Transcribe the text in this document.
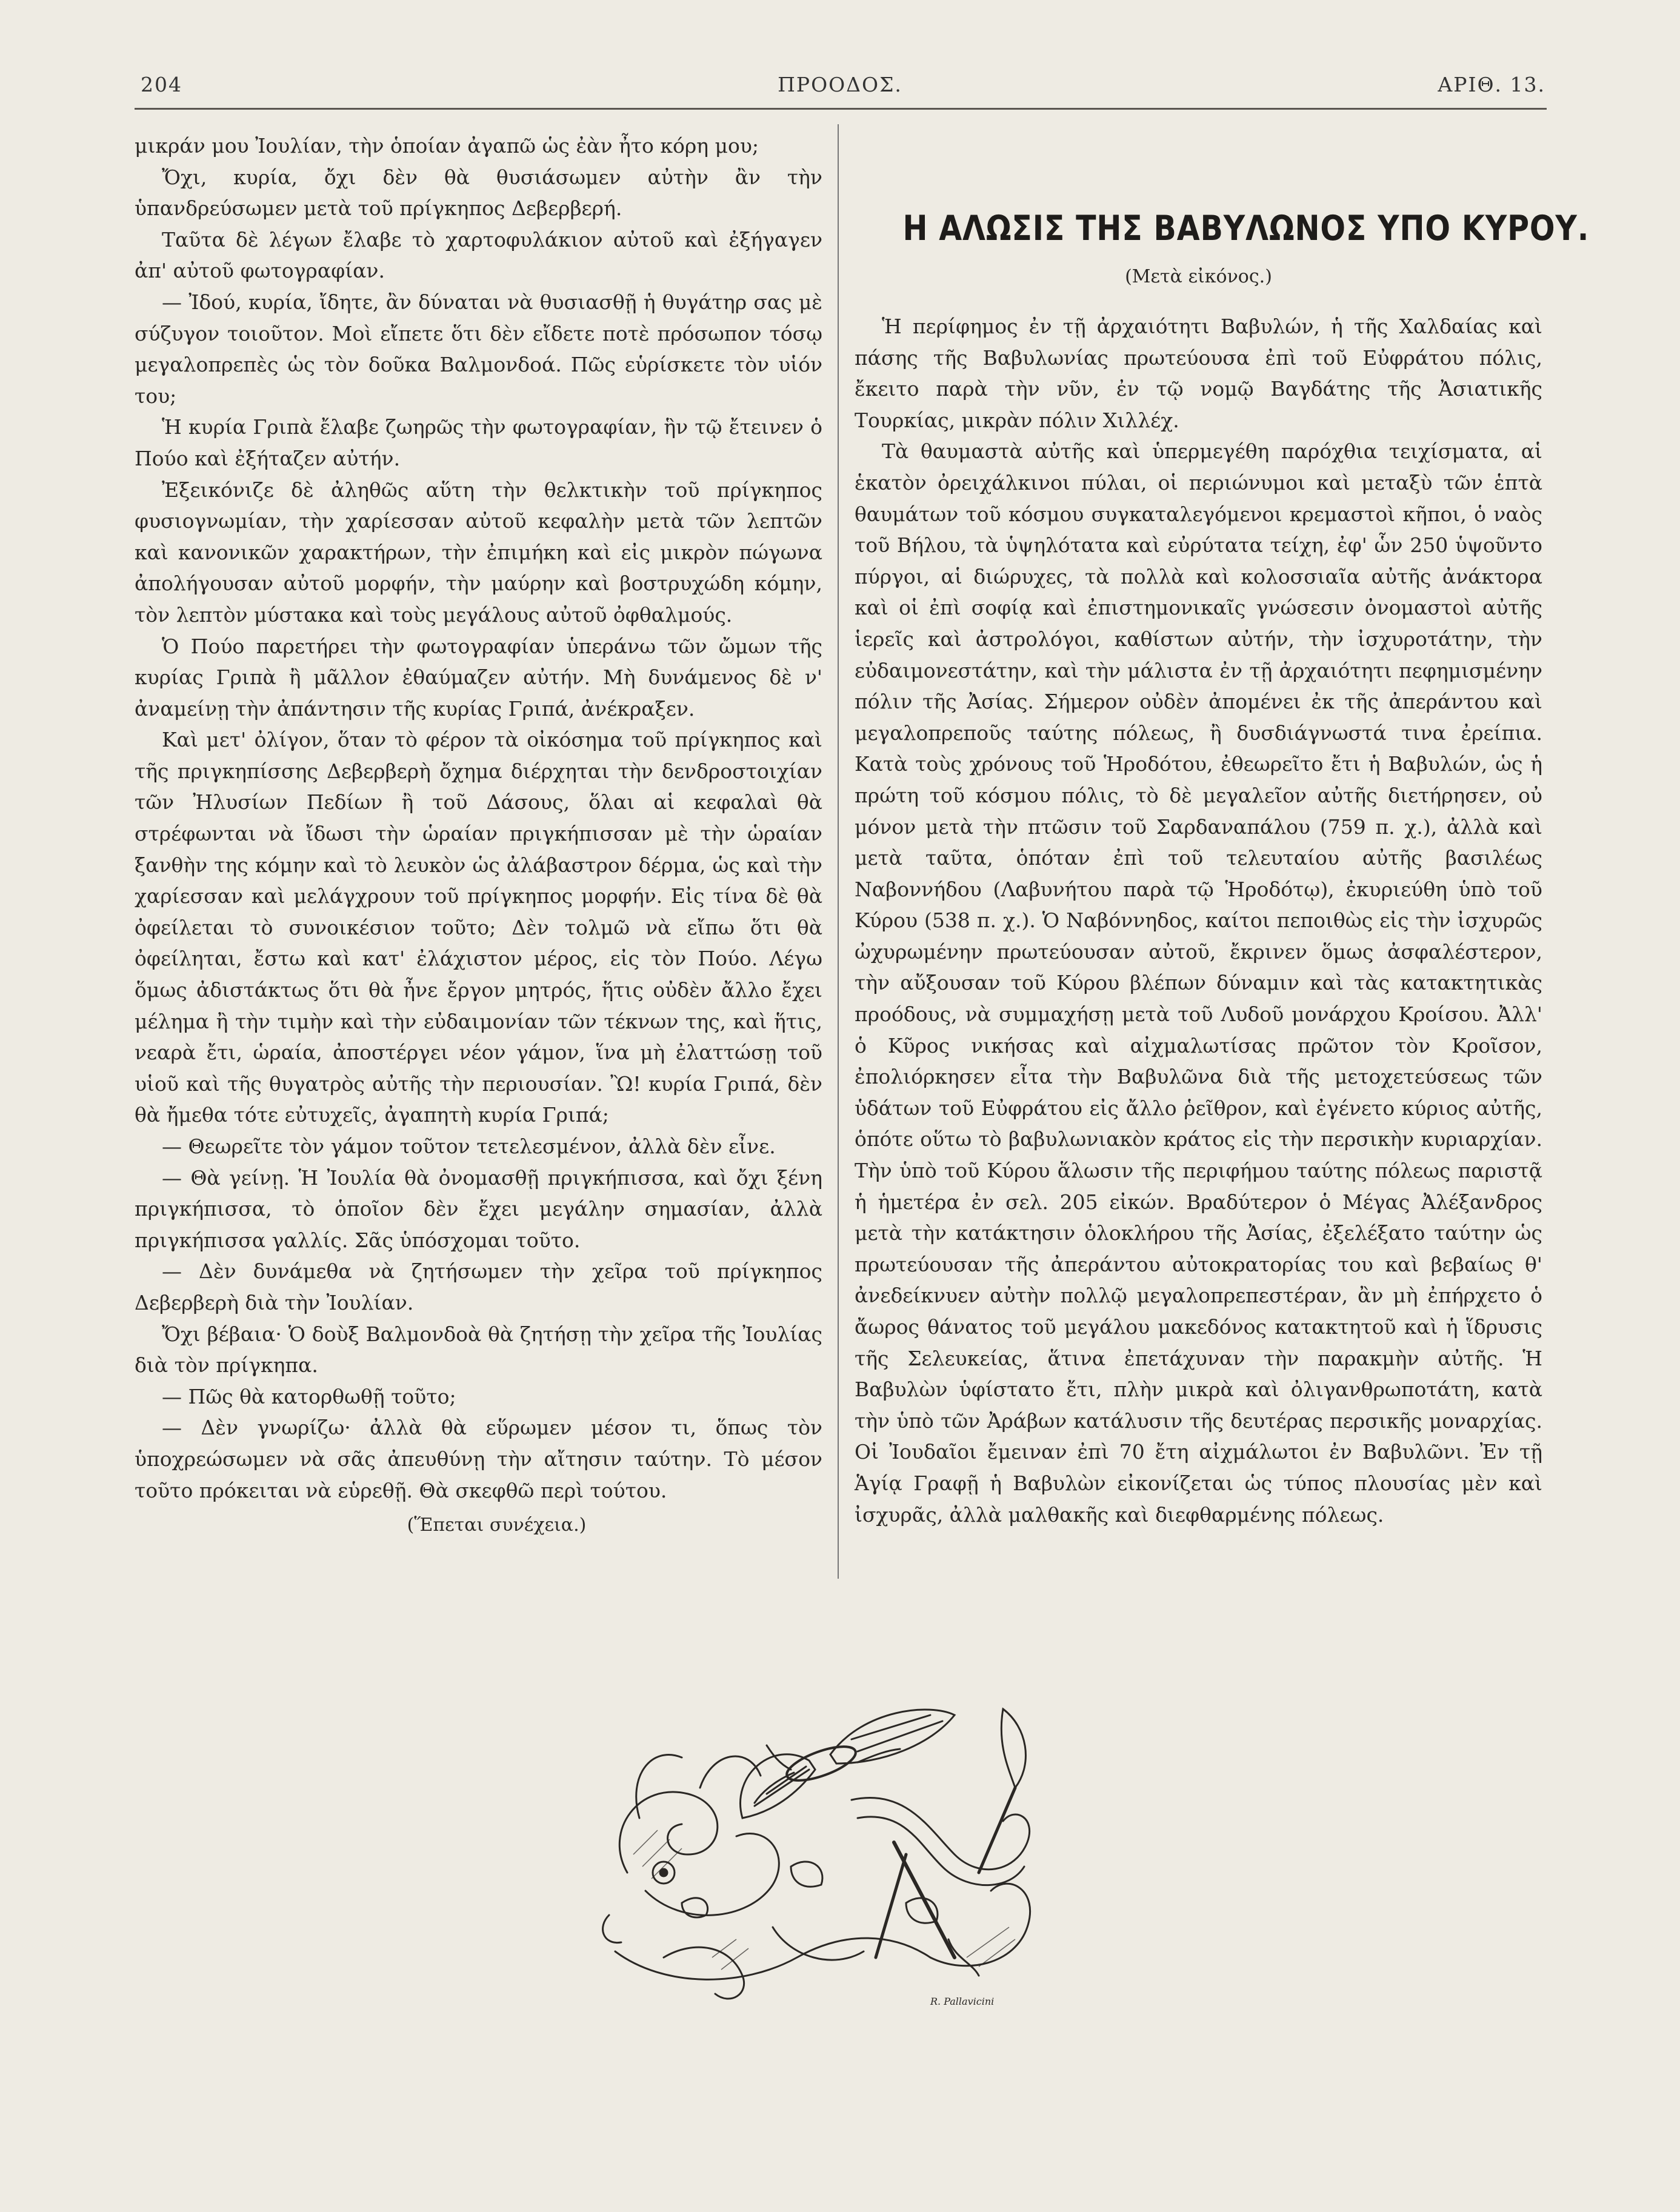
204	ΠΡΟΟΔΟΣ.	ΑΡΙΘ. 13.

μικράν μου Ἰουλίαν, τὴν ὁποίαν ἀγαπῶ ὡς ἐὰν ἦτο κόρη μου;

Ὄχι, κυρία, ὄχι δὲν θὰ θυσιάσωμεν αὐτὴν ἂν τὴν ὑπανδρεύσωμεν μετὰ τοῦ πρίγκηπος Δεβερβερή.

Ταῦτα δὲ λέγων ἔλαβε τὸ χαρτοφυλάκιον αὐτοῦ καὶ ἐξήγαγεν ἀπ' αὐτοῦ φωτογραφίαν.

— Ἰδού, κυρία, ἴδητε, ἂν δύναται νὰ θυσιασθῇ ἡ θυγάτηρ σας μὲ σύζυγον τοιοῦτον. Μοὶ εἴπετε ὅτι δὲν εἴδετε ποτὲ πρόσωπον τόσῳ μεγαλοπρεπὲς ὡς τὸν δοῦκα Βαλμονδοά. Πῶς εὑρίσκετε τὸν υἱόν του;

Ἡ κυρία Γριπὰ ἔλαβε ζωηρῶς τὴν φωτογραφίαν, ἣν τῷ ἔτεινεν ὁ Πούο καὶ ἐξήταζεν αὐτήν.

Ἐξεικόνιζε δὲ ἀληθῶς αὕτη τὴν θελκτικὴν τοῦ πρίγκηπος φυσιογνωμίαν, τὴν χαρίεσσαν αὐτοῦ κεφαλὴν μετὰ τῶν λεπτῶν καὶ κανονικῶν χαρακτήρων, τὴν ἐπιμήκη καὶ εἰς μικρὸν πώγωνα ἀπολήγουσαν αὐτοῦ μορφήν, τὴν μαύρην καὶ βοστρυχώδη κόμην, τὸν λεπτὸν μύστακα καὶ τοὺς μεγάλους αὐτοῦ ὀφθαλμούς.

Ὁ Πούο παρετήρει τὴν φωτογραφίαν ὑπεράνω τῶν ὤμων τῆς κυρίας Γριπὰ ἢ μᾶλλον ἐθαύμαζεν αὐτήν. Μὴ δυνάμενος δὲ ν' ἀναμείνῃ τὴν ἀπάντησιν τῆς κυρίας Γριπά, ἀνέκραξεν.

Καὶ μετ' ὀλίγον, ὅταν τὸ φέρον τὰ οἰκόσημα τοῦ πρίγκηπος καὶ τῆς πριγκηπίσσης Δεβερβερὴ ὄχημα διέρχηται τὴν δενδροστοιχίαν τῶν Ἠλυσίων Πεδίων ἢ τοῦ Δάσους, ὅλαι αἱ κεφαλαὶ θὰ στρέφωνται νὰ ἴδωσι τὴν ὡραίαν πριγκήπισσαν μὲ τὴν ὡραίαν ξανθὴν της κόμην καὶ τὸ λευκὸν ὡς ἀλάβαστρον δέρμα, ὡς καὶ τὴν χαρίεσσαν καὶ μελάγχρουν τοῦ πρίγκηπος μορφήν. Εἰς τίνα δὲ θὰ ὀφείλεται τὸ συνοικέσιον τοῦτο; Δὲν τολμῶ νὰ εἴπω ὅτι θὰ ὀφείληται, ἔστω καὶ κατ' ἐλάχιστον μέρος, εἰς τὸν Πούο. Λέγω ὅμως ἀδιστάκτως ὅτι θὰ ἦνε ἔργον μητρός, ἥτις οὐδὲν ἄλλο ἔχει μέλημα ἢ τὴν τιμὴν καὶ τὴν εὐδαιμονίαν τῶν τέκνων της, καὶ ἥτις, νεαρὰ ἔτι, ὡραία, ἀποστέργει νέον γάμον, ἵνα μὴ ἐλαττώσῃ τοῦ υἱοῦ καὶ τῆς θυγατρὸς αὐτῆς τὴν περιουσίαν. Ὢ! κυρία Γριπά, δὲν θὰ ἤμεθα τότε εὐτυχεῖς, ἀγαπητὴ κυρία Γριπά;

— Θεωρεῖτε τὸν γάμον τοῦτον τετελεσμένον, ἀλλὰ δὲν εἶνε.

— Θὰ γείνῃ. Ἡ Ἰουλία θὰ ὀνομασθῇ πριγκήπισσα, καὶ ὄχι ξένη πριγκήπισσα, τὸ ὁποῖον δὲν ἔχει μεγάλην σημασίαν, ἀλλὰ πριγκήπισσα γαλλίς. Σᾶς ὑπόσχομαι τοῦτο.

— Δὲν δυνάμεθα νὰ ζητήσωμεν τὴν χεῖρα τοῦ πρίγκηπος Δεβερβερὴ διὰ τὴν Ἰουλίαν.

Ὄχι βέβαια· Ὁ δοὺξ Βαλμονδοὰ θὰ ζητήσῃ τὴν χεῖρα τῆς Ἰουλίας διὰ τὸν πρίγκηπα.

— Πῶς θὰ κατορθωθῇ τοῦτο;

— Δὲν γνωρίζω· ἀλλὰ θὰ εὕρωμεν μέσον τι, ὅπως τὸν ὑποχρεώσωμεν νὰ σᾶς ἀπευθύνῃ τὴν αἴτησιν ταύτην. Τὸ μέσον τοῦτο πρόκειται νὰ εὑρεθῇ. Θὰ σκεφθῶ περὶ τούτου.

(Ἕπεται συνέχεια.)
Η ΑΛΩΣΙΣ ΤΗΣ ΒΑΒΥΛΩΝΟΣ ΥΠΟ ΚΥΡΟΥ.
(Μετὰ εἰκόνος.)

Ἡ περίφημος ἐν τῇ ἀρχαιότητι Βαβυλών, ἡ τῆς Χαλδαίας καὶ πάσης τῆς Βαβυλωνίας πρωτεύουσα ἐπὶ τοῦ Εὐφράτου πόλις, ἔκειτο παρὰ τὴν νῦν, ἐν τῷ νομῷ Βαγδάτης τῆς Ἀσιατικῆς Τουρκίας, μικρὰν πόλιν Χιλλέχ.

Τὰ θαυμαστὰ αὐτῆς καὶ ὑπερμεγέθη παρόχθια τειχίσματα, αἱ ἑκατὸν ὀρειχάλκινοι πύλαι, οἱ περιώνυμοι καὶ μεταξὺ τῶν ἑπτὰ θαυμάτων τοῦ κόσμου συγκαταλεγόμενοι κρεμαστοὶ κῆποι, ὁ ναὸς τοῦ Βήλου, τὰ ὑψηλότατα καὶ εὐρύτατα τείχη, ἐφ' ὧν 250 ὑψοῦντο πύργοι, αἱ διώρυχες, τὰ πολλὰ καὶ κολοσσιαῖα αὐτῆς ἀνάκτορα καὶ οἱ ἐπὶ σοφίᾳ καὶ ἐπιστημονικαῖς γνώσεσιν ὀνομαστοὶ αὐτῆς ἱερεῖς καὶ ἀστρολόγοι, καθίστων αὐτήν, τὴν ἰσχυροτάτην, τὴν εὐδαιμονεστάτην, καὶ τὴν μάλιστα ἐν τῇ ἀρχαιότητι πεφημισμένην πόλιν τῆς Ἀσίας. Σήμερον οὐδὲν ἀπομένει ἐκ τῆς ἀπεράντου καὶ μεγαλοπρεποῦς ταύτης πόλεως, ἢ δυσδιάγνωστά τινα ἐρείπια. Κατὰ τοὺς χρόνους τοῦ Ἡροδότου, ἐθεωρεῖτο ἔτι ἡ Βαβυλών, ὡς ἡ πρώτη τοῦ κόσμου πόλις, τὸ δὲ μεγαλεῖον αὐτῆς διετήρησεν, οὐ μόνον μετὰ τὴν πτῶσιν τοῦ Σαρδαναπάλου (759 π. χ.), ἀλλὰ καὶ μετὰ ταῦτα, ὁπόταν ἐπὶ τοῦ τελευταίου αὐτῆς βασιλέως Ναβοννήδου (Λαβυνήτου παρὰ τῷ Ἡροδότῳ), ἐκυριεύθη ὑπὸ τοῦ Κύρου (538 π. χ.). Ὁ Ναβόννηδος, καίτοι πεποιθὼς εἰς τὴν ἰσχυρῶς ὠχυρωμένην πρωτεύουσαν αὐτοῦ, ἔκρινεν ὅμως ἀσφαλέστερον, τὴν αὔξουσαν τοῦ Κύρου βλέπων δύναμιν καὶ τὰς κατακτητικὰς προόδους, νὰ συμμαχήσῃ μετὰ τοῦ Λυδοῦ μονάρχου Κροίσου. Ἀλλ' ὁ Κῦρος νικήσας καὶ αἰχμαλωτίσας πρῶτον τὸν Κροῖσον, ἐπολιόρκησεν εἶτα τὴν Βαβυλῶνα διὰ τῆς μετοχετεύσεως τῶν ὑδάτων τοῦ Εὐφράτου εἰς ἄλλο ῥεῖθρον, καὶ ἐγένετο κύριος αὐτῆς, ὁπότε οὕτω τὸ βαβυλωνιακὸν κράτος εἰς τὴν περσικὴν κυριαρχίαν. Τὴν ὑπὸ τοῦ Κύρου ἅλωσιν τῆς περιφήμου ταύτης πόλεως παριστᾷ ἡ ἡμετέρα ἐν σελ. 205 εἰκών. Βραδύτερον ὁ Μέγας Ἀλέξανδρος μετὰ τὴν κατάκτησιν ὁλοκλήρου τῆς Ἀσίας, ἐξελέξατο ταύτην ὡς πρωτεύουσαν τῆς ἀπεράντου αὐτοκρατορίας του καὶ βεβαίως θ' ἀνεδείκνυεν αὐτὴν πολλῷ μεγαλοπρεπεστέραν, ἂν μὴ ἐπήρχετο ὁ ἄωρος θάνατος τοῦ μεγάλου μακεδόνος κατακτητοῦ καὶ ἡ ἵδρυσις τῆς Σελευκείας, ἅτινα ἐπετάχυναν τὴν παρακμὴν αὐτῆς. Ἡ Βαβυλὼν ὑφίστατο ἔτι, πλὴν μικρὰ καὶ ὀλιγανθρωποτάτη, κατὰ τὴν ὑπὸ τῶν Ἀράβων κατάλυσιν τῆς δευτέρας περσικῆς μοναρχίας. Οἱ Ἰουδαῖοι ἔμειναν ἐπὶ 70 ἔτη αἰχμάλωτοι ἐν Βαβυλῶνι. Ἐν τῇ Ἁγίᾳ Γραφῇ ἡ Βαβυλὼν εἰκονίζεται ὡς τύπος πλουσίας μὲν καὶ ἰσχυρᾶς, ἀλλὰ μαλθακῆς καὶ διεφθαρμένης πόλεως.

R. Pallavicini
